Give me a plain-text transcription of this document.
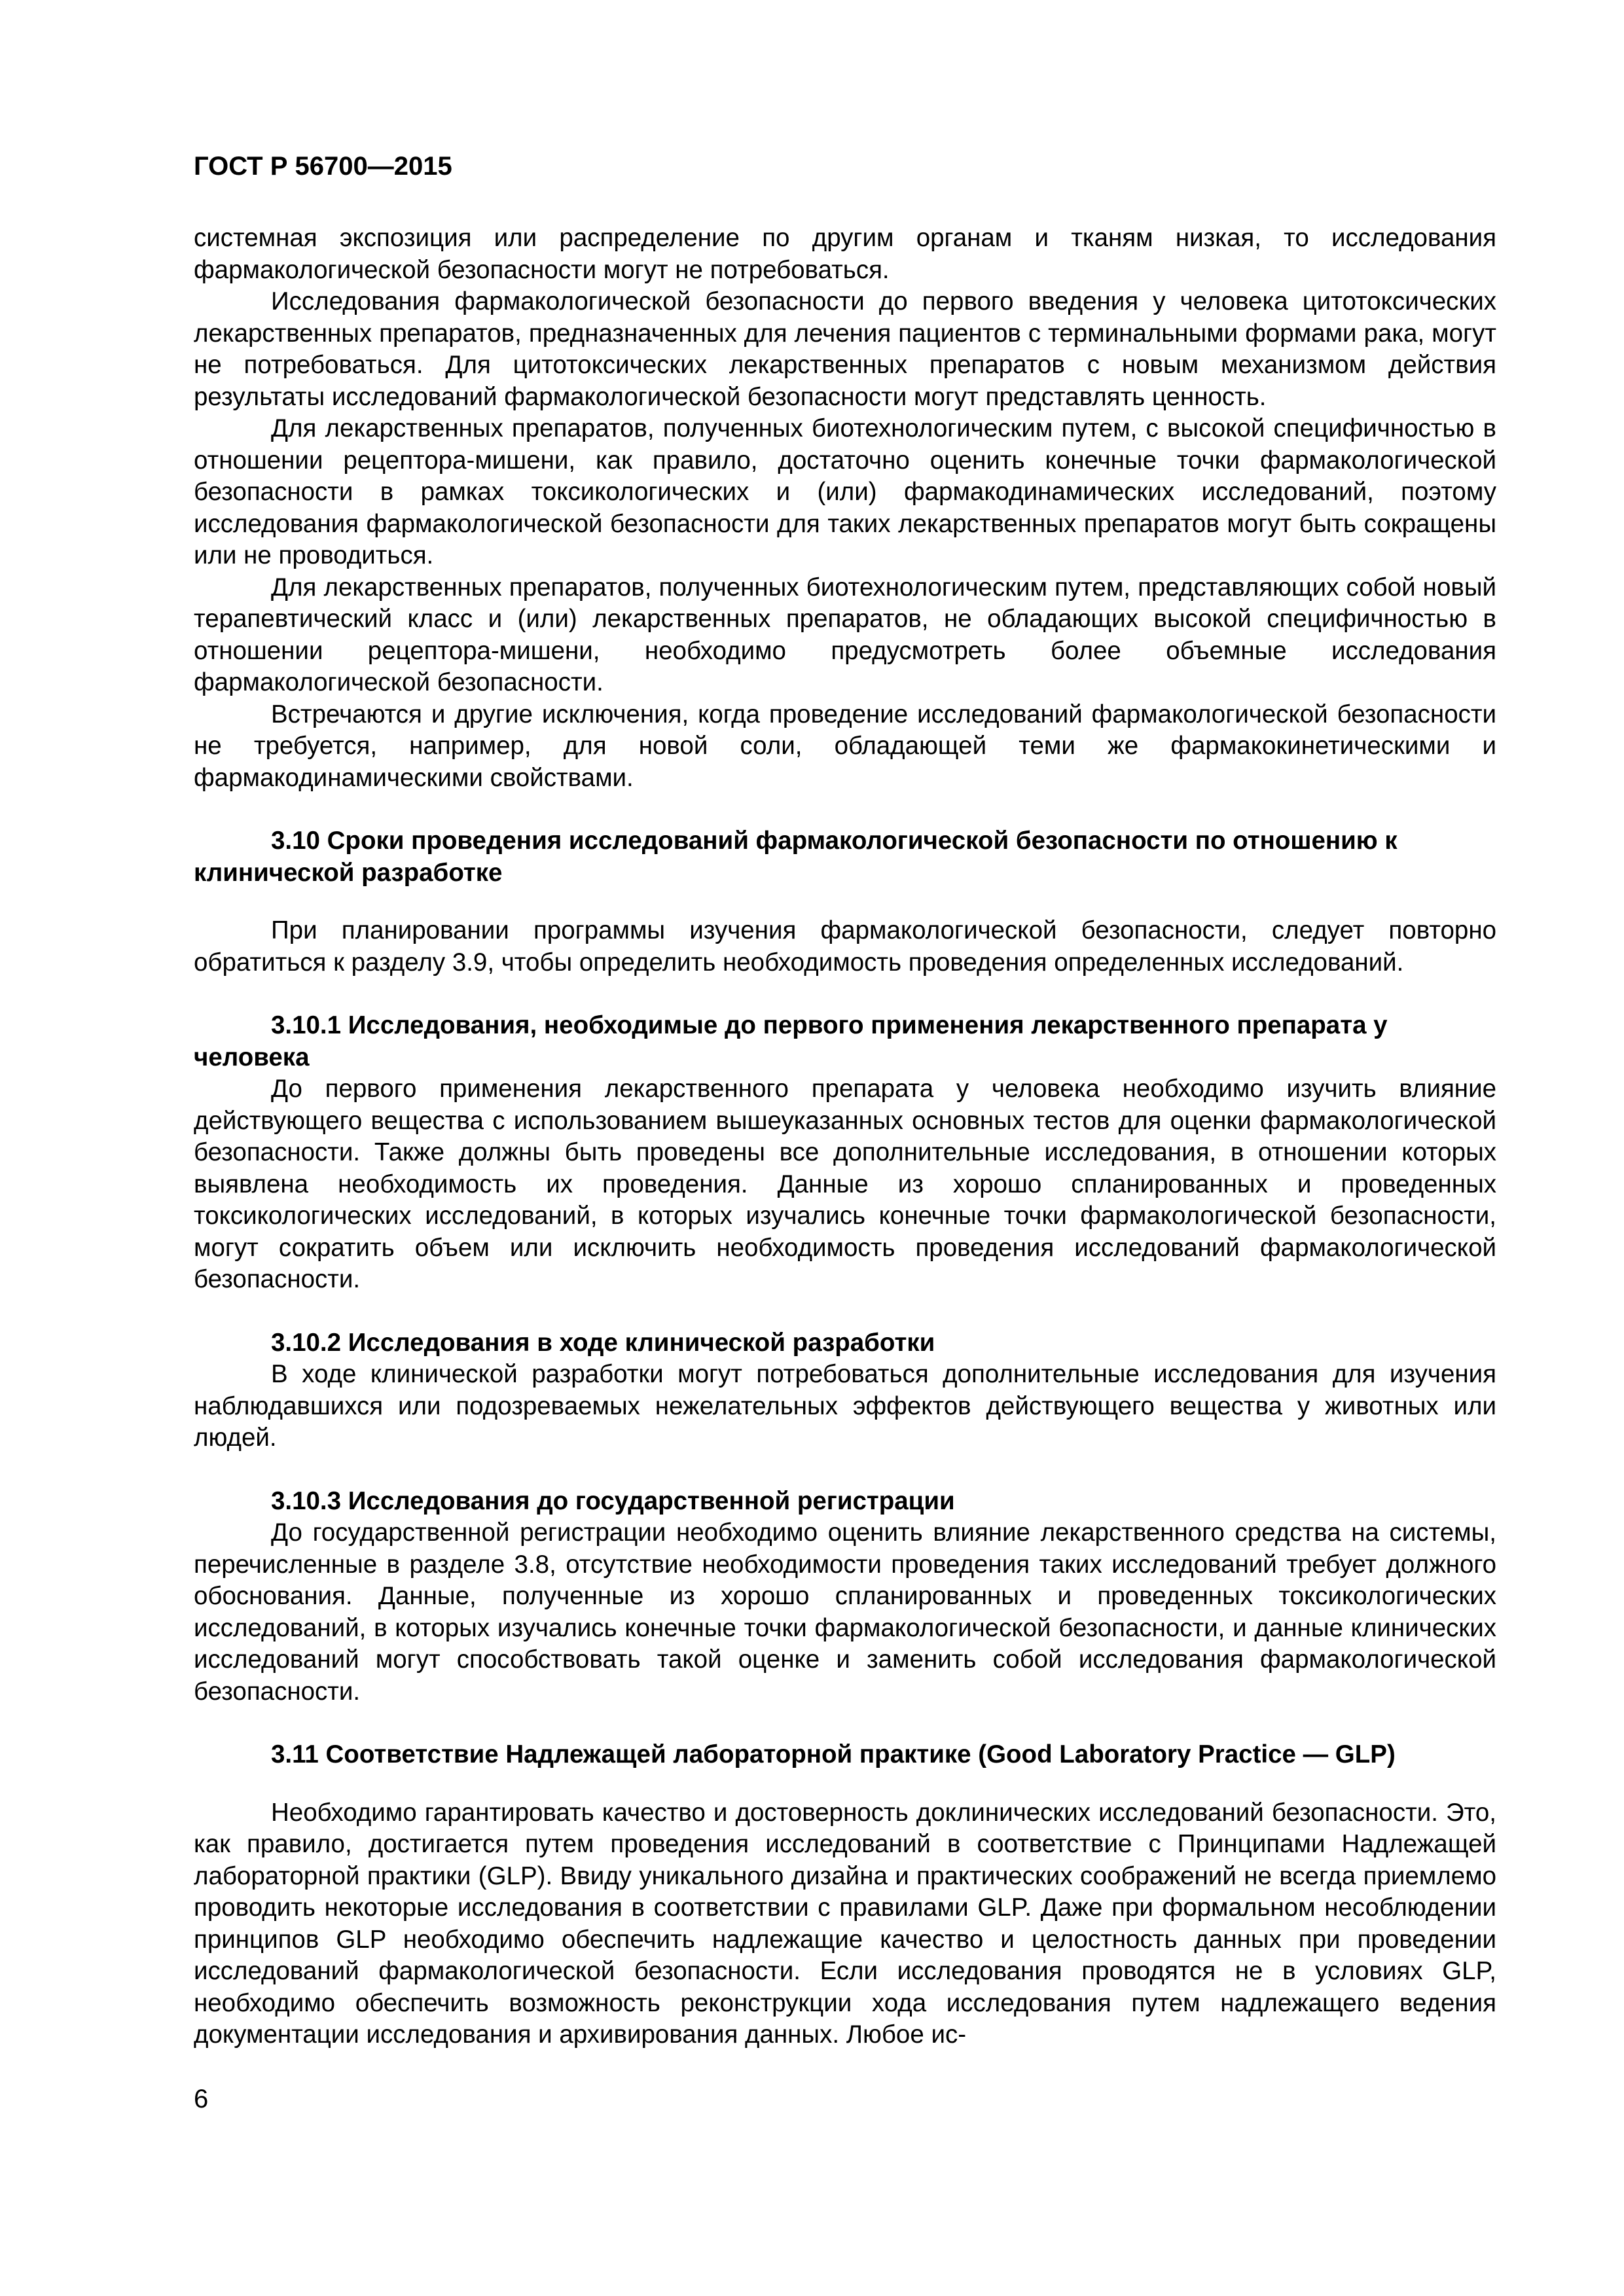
ГОСТ Р 56700—2015

системная экспозиция или распределение по другим органам и тканям низкая, то исследования фармакологической безопасности могут не потребоваться.

Исследования фармакологической безопасности до первого введения у человека цитотоксических лекарственных препаратов, предназначенных для лечения пациентов с терминальными формами рака, могут не потребоваться. Для цитотоксических лекарственных препаратов с новым механизмом действия результаты исследований фармакологической безопасности могут представлять ценность.

Для лекарственных препаратов, полученных биотехнологическим путем, с высокой специфичностью в отношении рецептора-мишени, как правило, достаточно оценить конечные точки фармакологической безопасности в рамках токсикологических и (или) фармакодинамических исследований, поэтому исследования фармакологической безопасности для таких лекарственных препаратов могут быть сокращены или не проводиться.

Для лекарственных препаратов, полученных биотехнологическим путем, представляющих собой новый терапевтический класс и (или) лекарственных препаратов, не обладающих высокой специфичностью в отношении рецептора-мишени, необходимо предусмотреть более объемные исследования фармакологической безопасности.

Встречаются и другие исключения, когда проведение исследований фармакологической безопасности не требуется, например, для новой соли, обладающей теми же фармакокинетическими и фармакодинамическими свойствами.

3.10 Сроки проведения исследований фармакологической безопасности по отношению к клинической разработке

При планировании программы изучения фармакологической безопасности, следует повторно обратиться к разделу 3.9, чтобы определить необходимость проведения определенных исследований.

3.10.1 Исследования, необходимые до первого применения лекарственного препарата у человека

До первого применения лекарственного препарата у человека необходимо изучить влияние действующего вещества с использованием вышеуказанных основных тестов для оценки фармакологической безопасности. Также должны быть проведены все дополнительные исследования, в отношении которых выявлена необходимость их проведения. Данные из хорошо спланированных и проведенных токсикологических исследований, в которых изучались конечные точки фармакологической безопасности, могут сократить объем или исключить необходимость проведения исследований фармакологической безопасности.

3.10.2 Исследования в ходе клинической разработки

В ходе клинической разработки могут потребоваться дополнительные исследования для изучения наблюдавшихся или подозреваемых нежелательных эффектов действующего вещества у животных или людей.

3.10.3 Исследования до государственной регистрации

До государственной регистрации необходимо оценить влияние лекарственного средства на системы, перечисленные в разделе 3.8, отсутствие необходимости проведения таких исследований требует должного обоснования. Данные, полученные из хорошо спланированных и проведенных токсикологических исследований, в которых изучались конечные точки фармакологической безопасности, и данные клинических исследований могут способствовать такой оценке и заменить собой исследования фармакологической безопасности.

3.11 Соответствие Надлежащей лабораторной практике (Good Laboratory Practice — GLP)

Необходимо гарантировать качество и достоверность доклинических исследований безопасности. Это, как правило, достигается путем проведения исследований в соответствие с Принципами Надлежащей лабораторной практики (GLP). Ввиду уникального дизайна и практических соображений не всегда приемлемо проводить некоторые исследования в соответствии с правилами GLP. Даже при формальном несоблюдении принципов GLP необходимо обеспечить надлежащие качество и целостность данных при проведении исследований фармакологической безопасности. Если исследования проводятся не в условиях GLP, необходимо обеспечить возможность реконструкции хода исследования путем надлежащего ведения документации исследования и архивирования данных. Любое ис-

6
